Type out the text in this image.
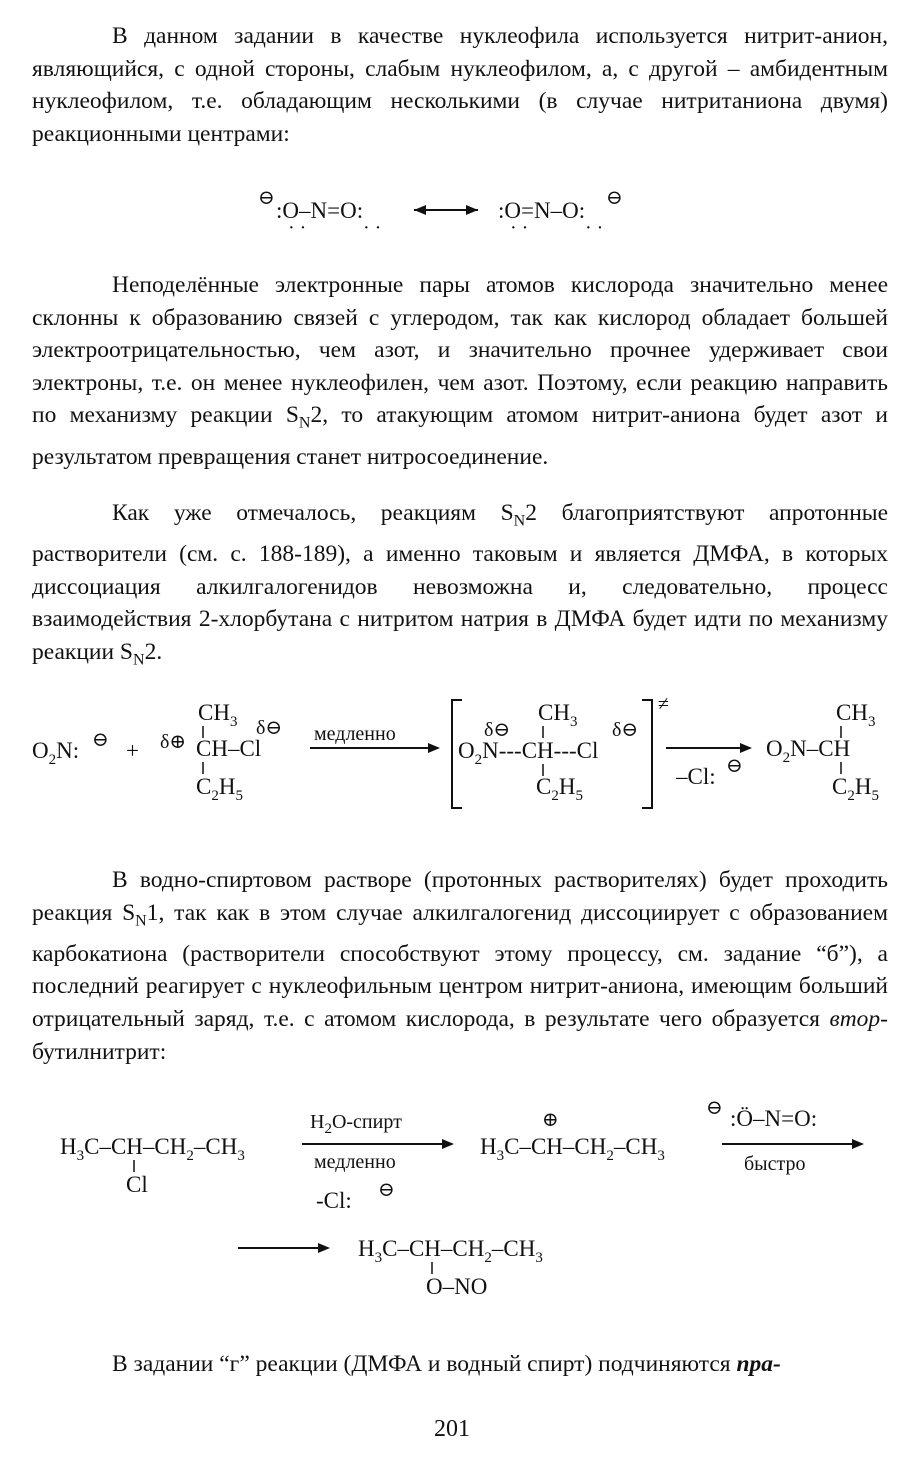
В данном задании в качестве нуклеофила используется нитрит-анион, являющийся, с одной стороны, слабым нуклеофилом, а, с другой – амбидентным нуклеофилом, т.е. обладающим несколькими (в случае нитританиона двумя) реакционными центрами:

⊖ :O–N=O:
· ·	· ·
:O=N–O:
· ·	· ·
⊖

Неподелённые электронные пары атомов кислорода значительно менее склонны к образованию связей с углеродом, так как кислород обладает большей электроотрицательностью, чем азот, и значительно прочнее удерживает свои электроны, т.е. он менее нуклеофилен, чем азот. Поэтому, если реакцию направить по механизму реакции $S_N2$, то атакующим атомом нитрит-аниона будет азот и результатом превращения станет нитросоединение.

Как уже отмечалось, реакциям $S_N2$ благоприятствуют апротонные растворители (см. с. 188-189), а именно таковым и является ДМФА, в которых диссоциация алкилгалогенидов невозможна и, следовательно, процесс взаимодействия 2-хлорбутана с нитритом натрия в ДМФА будет идти по механизму реакции $S_N2$.

$O_2N$: ⊖ + δ⊕
$CH_3$
CH–Cl
δ⊖
$C_2H_5$
медленно	δ⊖
$CH_3$ δ⊖
$O_2N---CH---Cl$
$C_2H_5$
≠
–Cl: ⊖
$CH_3$
$O_2N-CH$
$C_2H_5$

В водно-спиртовом растворе (протонных растворителях) будет проходить реакция $S_N1$, так как в этом случае алкилгалогенид диссоциирует с образованием карбокатиона (растворители способствуют этому процессу, см. задание “б”), а последний реагирует с нуклеофильным центром нитрит-аниона, имеющим больший отрицательный заряд, т.е. с атомом кислорода, в результате чего образуется втор-бутилнитрит:

$H_3C-CH-CH_2-CH_3$
Cl
$H_2O$-спирт
медленно
-Cl: ⊖
⊕
$H_3C-CH-CH_2-CH_3$
⊖ :Ö–N=O:
быстро
$H_3C-CH-CH_2-CH_3$
O–NO

В задании “г” реакции (ДМФА и водный спирт) подчиняются пра-

201
